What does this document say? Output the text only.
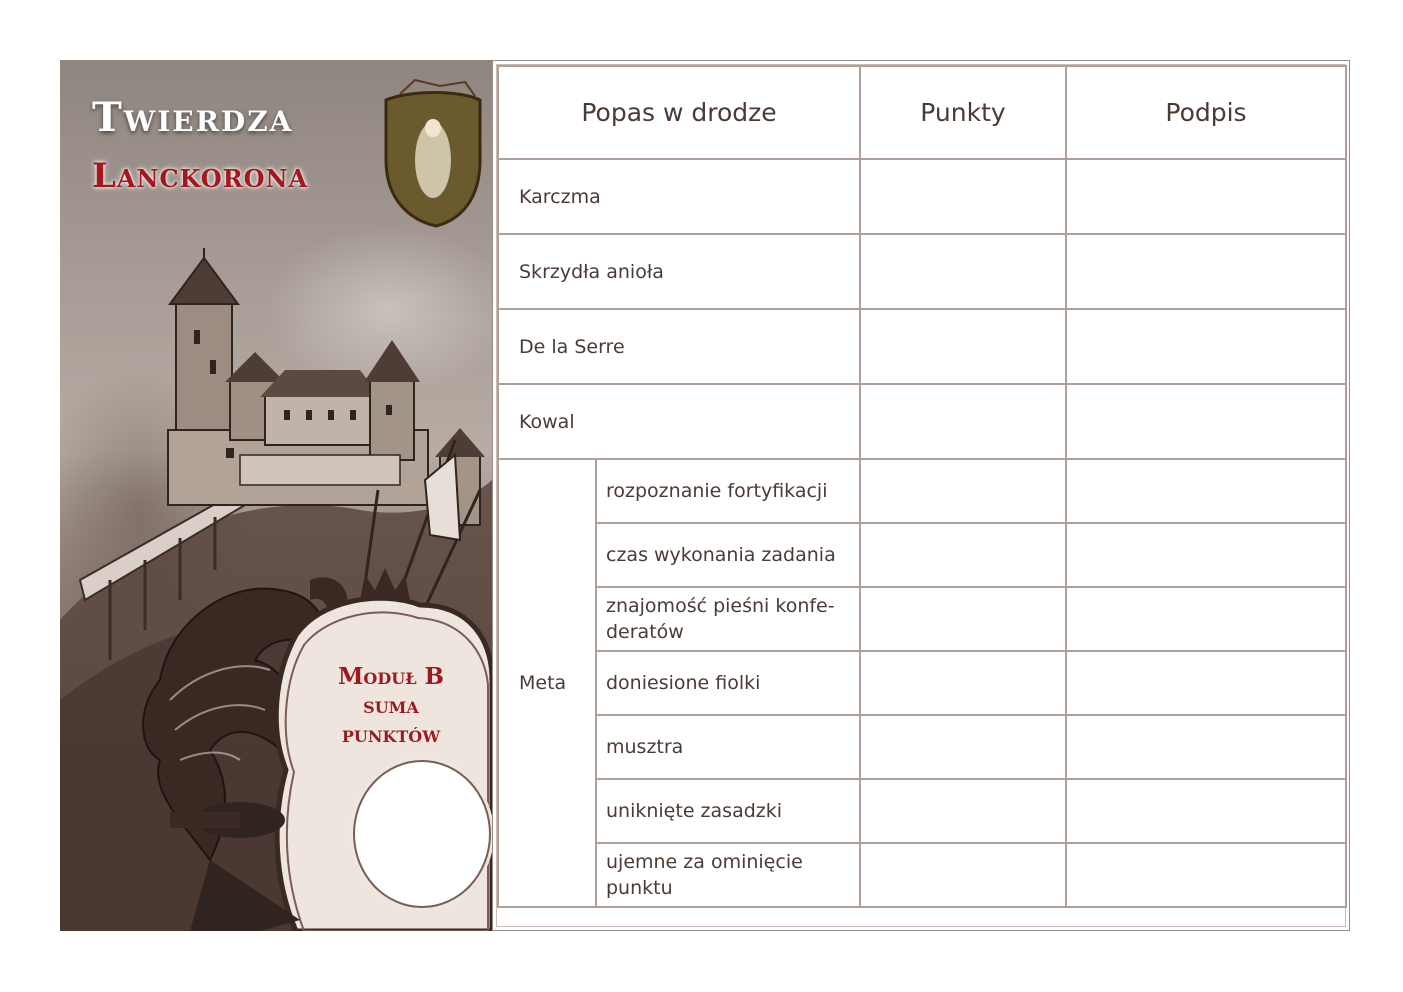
Twierdza
Lanckorona

Moduł B

suma

punktów

Popas w drodze		Punkty	Podpis
Karczma			
Skrzydła anioła			
De la Serre			
Kowal			
Meta	rozpoznanie fortyfikacji		
	czas wykonania zadania		
	znajomość pieśni konfe-deratów		
	doniesione fiolki		
	musztra		
	uniknięte zasadzki		
	ujemne za ominięcie punktu		
